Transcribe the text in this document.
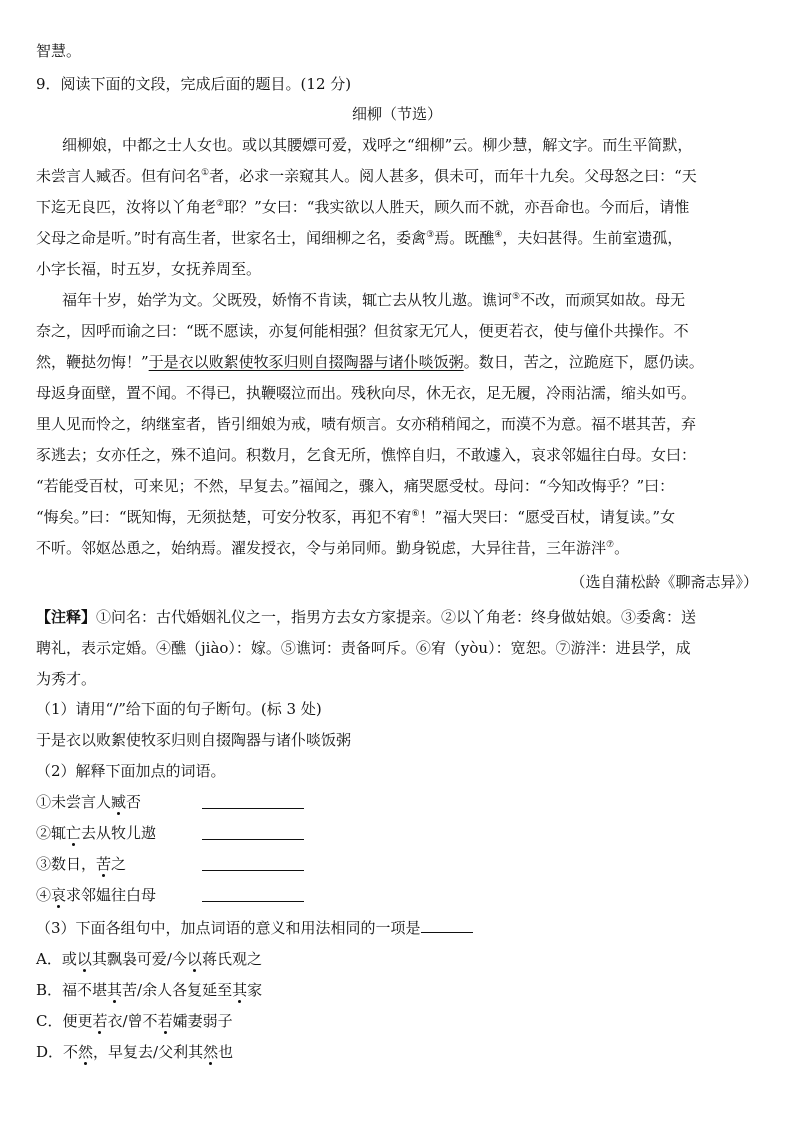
智慧。
9．阅读下面的文段，完成后面的题目。(12 分)
细柳（节选）
细柳娘，中都之士人女也。或以其腰嫖可爱，戏呼之“细柳”云。柳少慧，解文字。而生平简默，
未尝言人臧否。但有问名①者，必求一亲窥其人。阅人甚多，俱未可，而年十九矣。父母怒之曰：“天
下迄无良匹，汝将以丫角老②耶？”女曰：“我实欲以人胜天，顾久而不就，亦吾命也。今而后，请惟
父母之命是听。”时有高生者，世家名士，闻细柳之名，委禽③焉。既醮④，夫妇甚得。生前室遗孤，
小字长福，时五岁，女抚养周至。
福年十岁，始学为文。父既殁，娇惰不肯读，辄亡去从牧儿遨。谯诃⑤不改，而顽冥如故。母无
奈之，因呼而谕之曰：“既不愿读，亦复何能相强？但贫家无冗人，便更若衣，使与僮仆共操作。不
然，鞭挞勿悔！”于是衣以败絮使牧豕归则自掇陶器与诸仆啖饭粥。数日，苦之，泣跪庭下，愿仍读。
母返身面壁，置不闻。不得已，执鞭啜泣而出。残秋向尽，休无衣，足无履，冷雨沾濡，缩头如丐。
里人见而怜之，纳继室者，皆引细娘为戒，啧有烦言。女亦稍稍闻之，而漠不为意。福不堪其苦，弃
豕逃去；女亦任之，殊不追问。积数月，乞食无所，憔悴自归，不敢遽入，哀求邻媪往白母。女曰：
“若能受百杖，可来见；不然，早复去。”福闻之，骤入，痛哭愿受杖。母问：“今知改悔乎？”曰：
“悔矣。”曰：“既知悔，无须挞楚，可安分牧豕，再犯不宥⑥！”福大哭曰：“愿受百杖，请复读。”女
不听。邻妪怂恿之，始纳焉。濯发授衣，令与弟同师。勤身锐虑，大异往昔，三年游泮⑦。
（选自蒲松龄《聊斋志异》）
【注释】①问名：古代婚姻礼仪之一，指男方去女方家提亲。②以丫角老：终身做姑娘。③委禽：送
聘礼，表示定婚。④醮（jiào）：嫁。⑤谯诃：责备呵斥。⑥宥（yòu）：宽恕。⑦游泮：进县学，成
为秀才。
（1）请用“/”给下面的句子断句。(标 3 处)
于是衣以败絮使牧豕归则自掇陶器与诸仆啖饭粥
（2）解释下面加点的词语。
①未尝言人臧否
②辄亡去从牧儿遨
③数日，苦之
④哀求邻媪往白母
（3）下面各组句中，加点词语的意义和用法相同的一项是
A．或以其飘袅可爱/今以蒋氏观之
B．福不堪其苦/余人各复延至其家
C．便更若衣/曾不若孀妻弱子
D．不然，早复去/父利其然也
